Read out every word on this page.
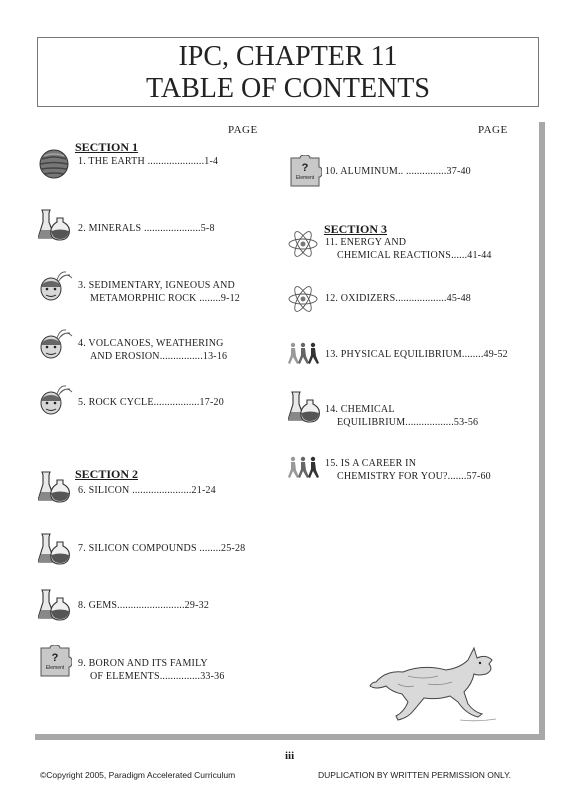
IPC, CHAPTER 11
TABLE OF CONTENTS
PAGE	PAGE
SECTION 1
1. THE EARTH .....................1-4
2. MINERALS .....................5-8
3. SEDIMENTARY, IGNEOUS AND
METAMORPHIC ROCK ........9-12
4. VOLCANOES, WEATHERING
AND EROSION................13-16
5. ROCK CYCLE.................17-20
SECTION 2
6. SILICON ......................21-24
7. SILICON COMPOUNDS ........25-28
8. GEMS.........................29-32
?
Element	9. BORON AND ITS FAMILY
OF ELEMENTS...............33-36
?
Element
10. ALUMINUM.. ...............37-40
SECTION 3
11. ENERGY AND
CHEMICAL REACTIONS......41-44
12. OXIDIZERS...................45-48
13. PHYSICAL EQUILIBRIUM........49-52
14. CHEMICAL
EQUILIBRIUM..................53-56
15. IS A CAREER IN
CHEMISTRY FOR YOU?.......57-60
iii
©Copyright 2005, Paradigm Accelerated Curriculum	DUPLICATION BY WRITTEN PERMISSION ONLY.
